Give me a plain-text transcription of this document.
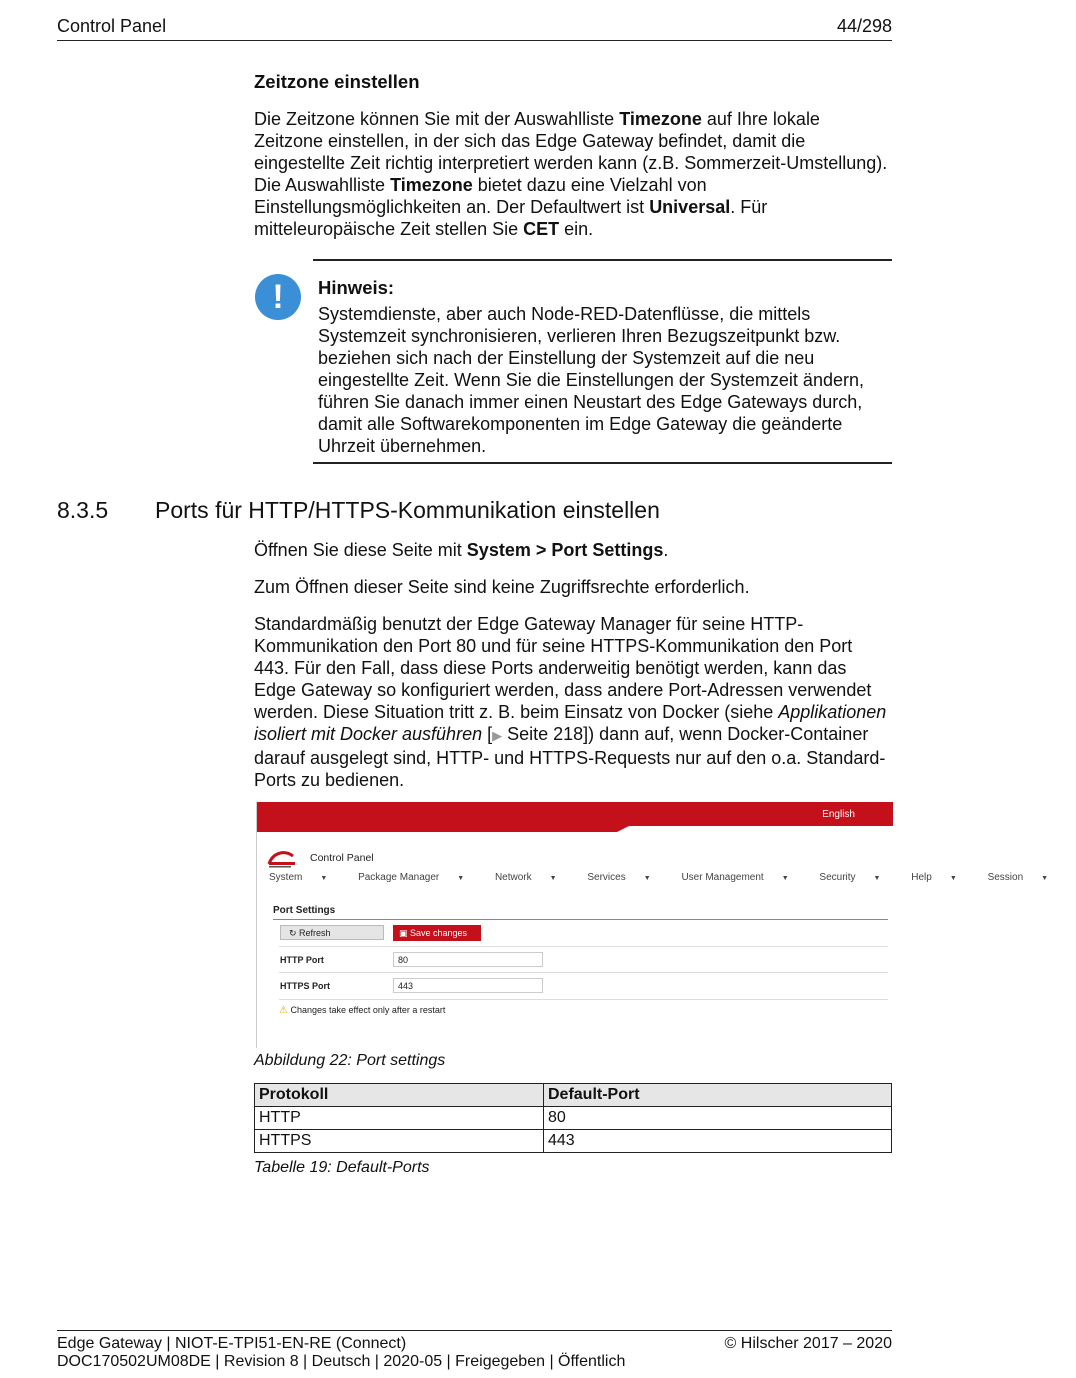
Control Panel	44/298
Zeitzone einstellen

Die Zeitzone können Sie mit der Auswahlliste Timezone auf Ihre lokale Zeitzone einstellen, in der sich das Edge Gateway befindet, damit die eingestellte Zeit richtig interpretiert werden kann (z.B. Sommerzeit-Umstellung). Die Auswahlliste Timezone bietet dazu eine Vielzahl von Einstellungsmöglichkeiten an. Der Defaultwert ist Universal. Für mitteleuropäische Zeit stellen Sie CET ein.

!	Hinweis:
Systemdienste, aber auch Node-RED-Datenflüsse, die mittels Systemzeit synchronisieren, verlieren Ihren Bezugszeitpunkt bzw. beziehen sich nach der Einstellung der Systemzeit auf die neu eingestellte Zeit. Wenn Sie die Einstellungen der Systemzeit ändern, führen Sie danach immer einen Neustart des Edge Gateways durch, damit alle Softwarekomponenten im Edge Gateway die geänderte Uhrzeit übernehmen.
8.3.5 Ports für HTTP/HTTPS-Kommunikation einstellen

Öffnen Sie diese Seite mit System > Port Settings.

Zum Öffnen dieser Seite sind keine Zugriffsrechte erforderlich.

Standardmäßig benutzt der Edge Gateway Manager für seine HTTP-Kommunikation den Port 80 und für seine HTTPS-Kommunikation den Port 443. Für den Fall, dass diese Ports anderweitig benötigt werden, kann das Edge Gateway so konfiguriert werden, dass andere Port-Adressen verwendet werden. Diese Situation tritt z. B. beim Einsatz von Docker (siehe Applikationen isoliert mit Docker ausführen [▶ Seite 218]) dann auf, wenn Docker-Container darauf ausgelegt sind, HTTP- und HTTPS-Requests nur auf den o.a. Standard-Ports zu bedienen.

English
Control Panel
System	▼	Package Manager	▼	Network	▼	Services	▼	User Management	▼	Security	▼	Help	▼	Session	▼
Port Settings
↻ Refresh	▣ Save changes
HTTP Port	80
HTTPS Port	443
⚠ Changes take effect only after a restart
Abbildung 22: Port settings
Protokoll	Default-Port
HTTP	80
HTTPS	443
Tabelle 19: Default-Ports
Edge Gateway | NIOT-E-TPI51-EN-RE (Connect)
DOC170502UM08DE | Revision 8 | Deutsch | 2020-05 | Freigegeben | Öffentlich
© Hilscher 2017 – 2020
